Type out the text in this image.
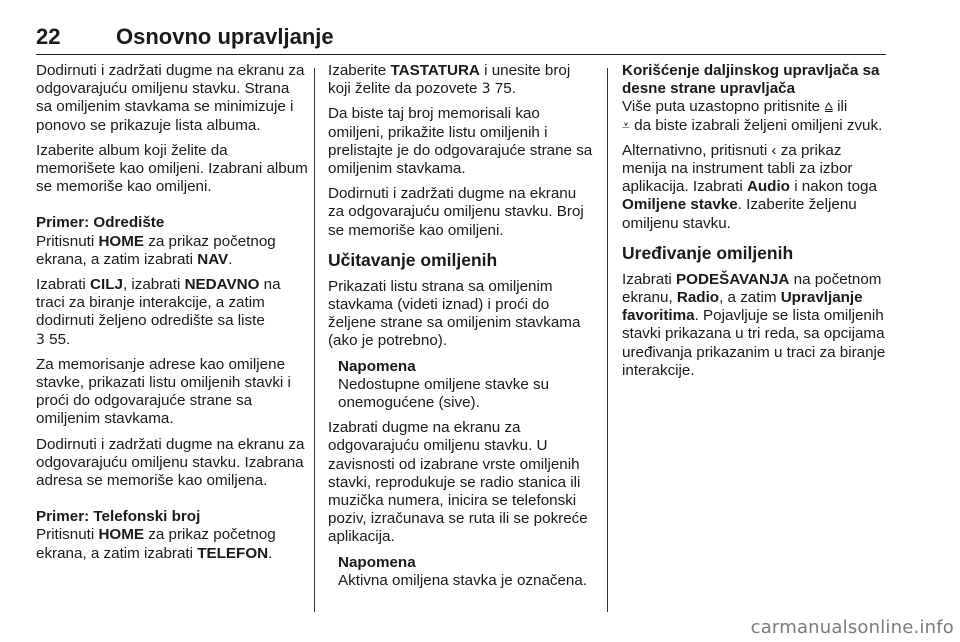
22	Osnovno upravljanje

Dodirnuti i zadržati dugme na ekranu za odgovarajuću omiljenu stavku. Strana sa omiljenim stavkama se minimizuje i ponovo se prikazuje lista albuma.

Izaberite album koji želite da memorišete kao omiljeni. Izabrani album se memoriše kao omiljeni.

Primer: Odredište

Pritisnuti HOME za prikaz početnog ekrana, a zatim izabrati NAV.

Izabrati CILJ, izabrati NEDAVNO na traci za biranje interakcije, a zatim dodirnuti željeno odredište sa liste
3 55.

Za memorisanje adrese kao omiljene stavke, prikazati listu omiljenih stavki i proći do odgovarajuće strane sa omiljenim stavkama.

Dodirnuti i zadržati dugme na ekranu za odgovarajuću omiljenu stavku. Izabrana adresa se memoriše kao omiljena.

Primer: Telefonski broj

Pritisnuti HOME za prikaz početnog ekrana, a zatim izabrati TELEFON.

Izaberite TASTATURA i unesite broj koji želite da pozovete 3 75.

Da biste taj broj memorisali kao omiljeni, prikažite listu omiljenih i prelistajte je do odgovarajuće strane sa omiljenim stavkama.

Dodirnuti i zadržati dugme na ekranu za odgovarajuću omiljenu stavku. Broj se memoriše kao omiljeni.

Učitavanje omiljenih

Prikazati listu strana sa omiljenim stavkama (videti iznad) i proći do željene strane sa omiljenim stavkama (ako je potrebno).

Napomena
Nedostupne omiljene stavke su onemogućene (sive).

Izabrati dugme na ekranu za odgovarajuću omiljenu stavku. U zavisnosti od izabrane vrste omiljenih stavki, reprodukuje se radio stanica ili muzička numera, inicira se telefonski poziv, izračunava se ruta ili se pokreće aplikacija.

Napomena
Aktivna omiljena stavka je označena.

Korišćenje daljinskog upravljača sa desne strane upravljača

Više puta uzastopno pritisnite ⩠ ili
⩡ da biste izabrali željeni omiljeni zvuk.

Alternativno, pritisnuti ‹ za prikaz menija na instrument tabli za izbor aplikacija. Izabrati Audio i nakon toga Omiljene stavke. Izaberite željenu omiljenu stavku.

Uređivanje omiljenih

Izabrati PODEŠAVANJA na početnom ekranu, Radio, a zatim Upravljanje favoritima. Pojavljuje se lista omiljenih stavki prikazana u tri reda, sa opcijama uređivanja prikazanim u traci za biranje interakcije.

carmanualsonline.info
